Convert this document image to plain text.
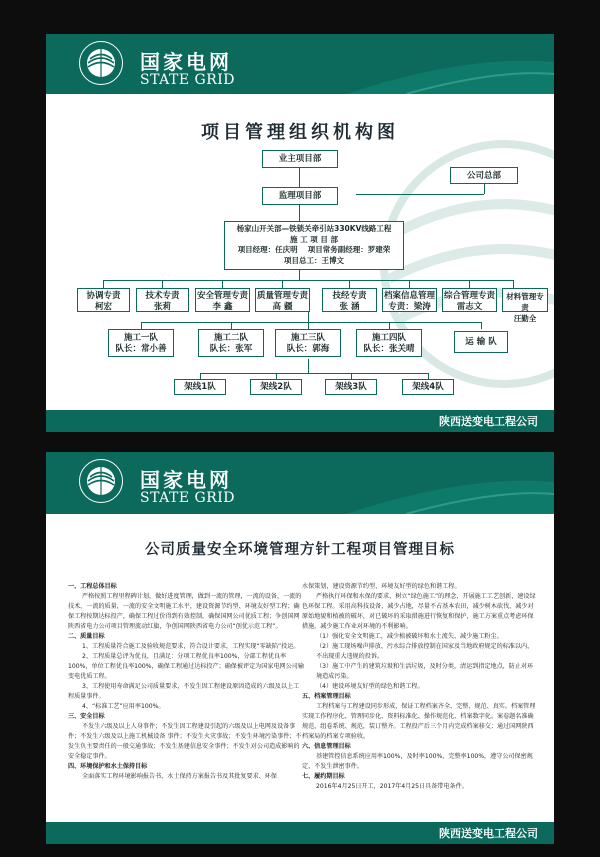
国家电网
STATE GRID
项目管理组织机构图
业主项目部
监理项目部
公司总部
杨家山开关部—铁锁关牵引站330KV线路工程
施 工 项 目 部
项目经理：任庆明　 项目常务副经理：罗建荣
项目总工：王博文
协调专责
柯宏
技术专责
张莉
安全管理专责
李 鑫
质量管理专责
高 疆
技经专责
张 涵
档案信息管理
专责：梁涛
综合管理专责
雷志文
材料管理专责
汪勤全
施工一队
队长：常小善
施工二队
队长：张军
施工三队
队长：郭海
施工四队
队长：张关晴
运 输 队
架线1队	架线2队	架线3队	架线4队
陕西送变电工程公司
国家电网
STATE GRID
公司质量安全环境管理方针工程项目管理目标

一、工程总体目标

严格按照工程里程碑计划，做好进度管理，做到一流的管理，一流的设备，一流的技术，一流的质量，一流的安全文明施工水平，建设资源节约型、环境友好型工程；确保工程按期达标投产，确保工程过价得到有效控制，确保国网公司优质工程；争创国网陕西省电力公司项目管理流动红旗，争创国网陕西省电力公司“创优示范工程”。

二、质量目标

1、工程质量符合施工及验收规范要求，符合设计要求，工程实现“零缺陷”投运。

2、工程质量总评为优良，且满足：分项工程优良率100%，分部工程优良率100%，单位工程优良率100%，确保工程通过达标投产；确保被评定为国家电网公司输变电优质工程。

3、工程使用寿命满足公司质量要求，不发生因工程建设原因造成的六级及以上工程质量事件。

4、“标准工艺”应用率100%。

三、安全目标

不发生六级及以上人身事件；不发生因工程建设引起的六级及以上电网及设备事件；不发生六级及以上施工机械设备 事件；不发生火灾事故；不发生环境污染事件；不发生负主要责任的一般交通事故；不发生基建信息安全事件；不发生对公司造成影响的安全稳定事件。

四、环境保护和水土保持目标

全面落实工程环境影响报告书、水土保持方案报告书及其批复要求、环保

水保策划，建设资源节约型、环境友好型的绿色和谐工程。

严格执行环保和水保的要求，树立“绿色施工”的理念，开展施工工艺创新，建设绿色环保工程。采用高科技设备，减少占地，尽量不占基本农田，减少树木砍伐，减少对原始地貌和植被的破坏，对已破坏的采取措施进行恢复和保护，施工方案重点考虑环保措施，减少施工作业对环境的不利影响。

（1）强化安全文明施工，减少植被破坏和水土流失、减少施工粉尘。

（2）施工现场噪声排放、污水综合排放控制在国家及当地政府规定的标准以内，不出现重大违规的投诉。

（3）施工中产生的建筑垃圾和生活垃圾，及时分类，清运到指定地点，防止对环境造成污染。

（4）建设环境友好型的绿色和谐工程。

五、档案管理目标

工程档案与工程建设同步形成，保证工程档案齐全、完整、规范、真实。档案管理实现工作程序化、管理同步化、资料标准化、操作规范化、档案数字化。案卷题名准确规范，组卷系统、规范，装订整齐。工程投产后三个月内完成档案移交；通过国网陕西档案局的档案专项验收。

六、信息管理目标

基建管控信息系统应用率100%，及时率100%，完整率100%，遵守公司保密规定，不发生泄密事件。

七、履约期目标

2016年4月25日开工，2017年4月25日具备带电条件。

陕西送变电工程公司
